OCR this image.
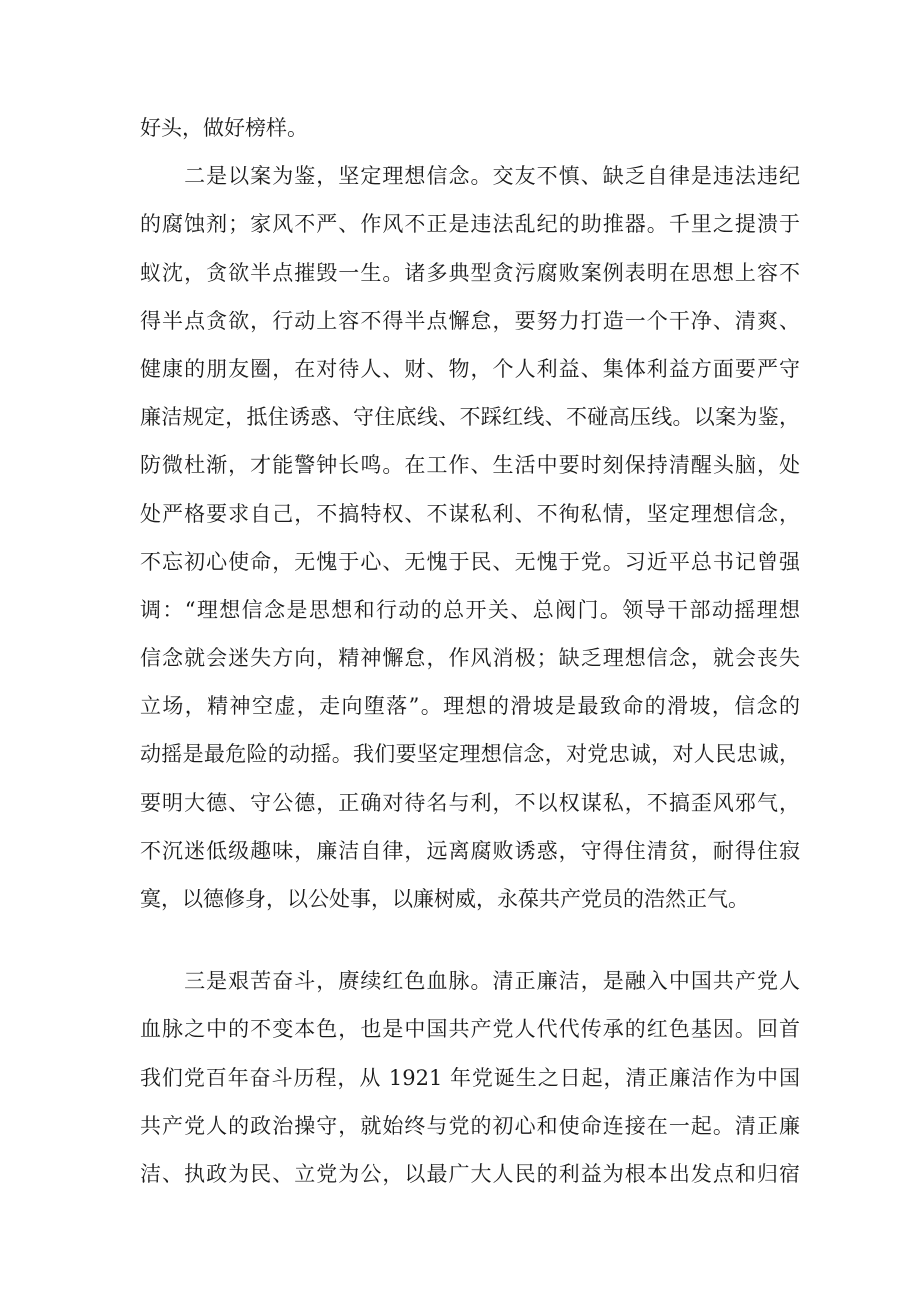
好头，做好榜样。
　　二是以案为鉴，坚定理想信念。交友不慎、缺乏自律是违法违纪
的腐蚀剂；家风不严、作风不正是违法乱纪的助推器。千里之提溃于
蚁沈，贪欲半点摧毁一生。诸多典型贪污腐败案例表明在思想上容不
得半点贪欲，行动上容不得半点懈怠，要努力打造一个干净、清爽、
健康的朋友圈，在对待人、财、物，个人利益、集体利益方面要严守
廉洁规定，抵住诱惑、守住底线、不踩红线、不碰高压线。以案为鉴，
防微杜渐，才能警钟长鸣。在工作、生活中要时刻保持清醒头脑，处
处严格要求自己，不搞特权、不谋私利、不徇私情，坚定理想信念，
不忘初心使命，无愧于心、无愧于民、无愧于党。习近平总书记曾强
调：“理想信念是思想和行动的总开关、总阀门。领导干部动摇理想
信念就会迷失方向，精神懈怠，作风消极；缺乏理想信念，就会丧失
立场，精神空虚，走向堕落”。理想的滑坡是最致命的滑坡，信念的
动摇是最危险的动摇。我们要坚定理想信念，对党忠诚，对人民忠诚，
要明大德、守公德，正确对待名与利，不以权谋私，不搞歪风邪气，
不沉迷低级趣味，廉洁自律，远离腐败诱惑，守得住清贫，耐得住寂
寞，以德修身，以公处事，以廉树威，永葆共产党员的浩然正气。
　　三是艰苦奋斗，赓续红色血脉。清正廉洁，是融入中国共产党人
血脉之中的不变本色，也是中国共产党人代代传承的红色基因。回首
我们党百年奋斗历程，从 1921 年党诞生之日起，清正廉洁作为中国
共产党人的政治操守，就始终与党的初心和使命连接在一起。清正廉
洁、执政为民、立党为公，以最广大人民的利益为根本出发点和归宿
